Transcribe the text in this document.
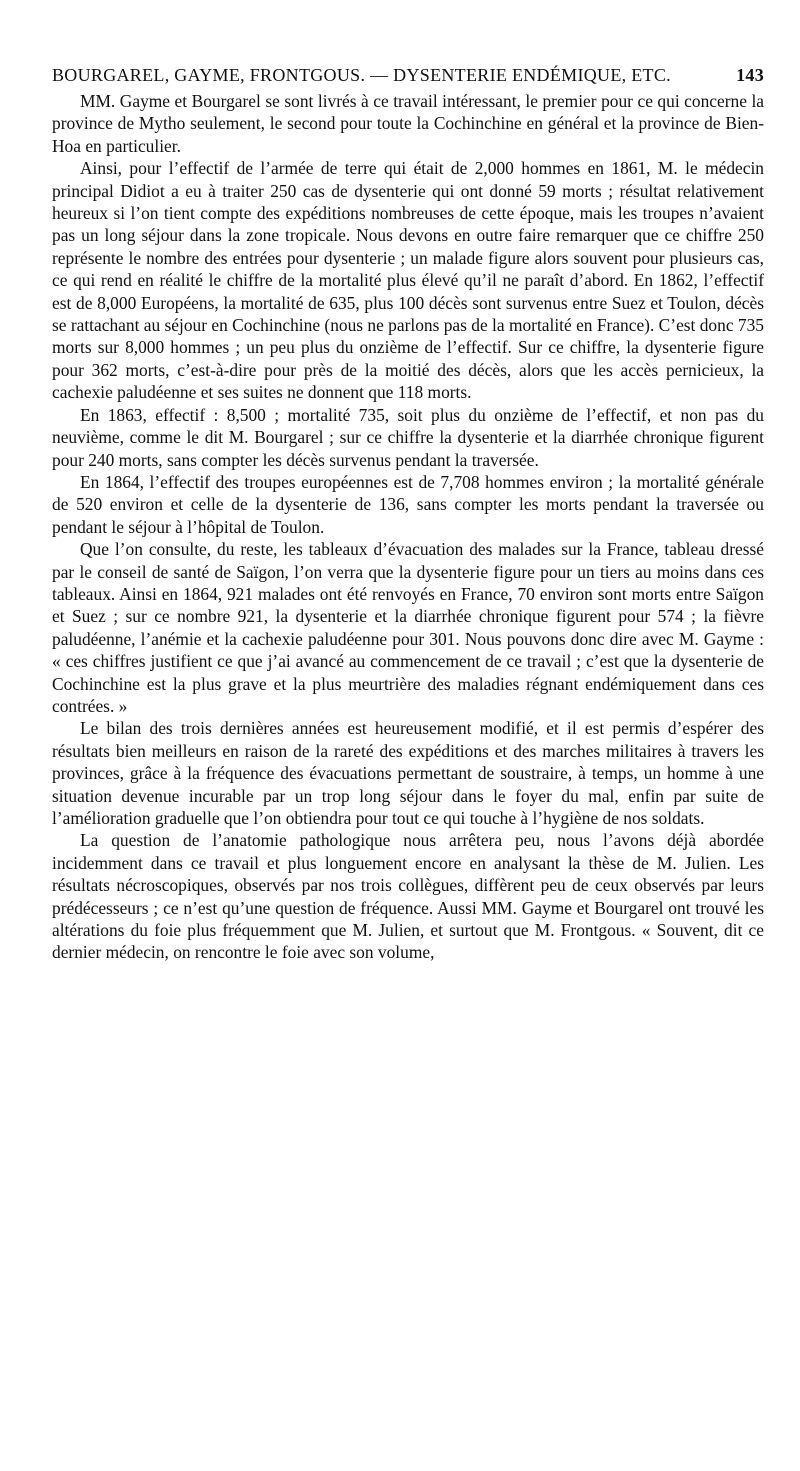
BOURGAREL, GAYME, FRONTGOUS. — DYSENTERIE ENDÉMIQUE, ETC.	143

MM. Gayme et Bourgarel se sont livrés à ce travail intéressant, le premier pour ce qui concerne la province de Mytho seulement, le second pour toute la Cochinchine en général et la province de Bien-Hoa en particulier.

Ainsi, pour l’effectif de l’armée de terre qui était de 2,000 hommes en 1861, M. le médecin principal Didiot a eu à traiter 250 cas de dysenterie qui ont donné 59 morts ; résultat relativement heureux si l’on tient compte des expéditions nombreuses de cette époque, mais les troupes n’avaient pas un long séjour dans la zone tropicale. Nous devons en outre faire remarquer que ce chiffre 250 représente le nombre des entrées pour dysenterie ; un malade figure alors souvent pour plusieurs cas, ce qui rend en réalité le chiffre de la mortalité plus élevé qu’il ne paraît d’abord. En 1862, l’effectif est de 8,000 Européens, la mortalité de 635, plus 100 décès sont survenus entre Suez et Toulon, décès se rattachant au séjour en Cochinchine (nous ne parlons pas de la mortalité en France). C’est donc 735 morts sur 8,000 hommes ; un peu plus du onzième de l’effectif. Sur ce chiffre, la dysenterie figure pour 362 morts, c’est-à-dire pour près de la moitié des décès, alors que les accès pernicieux, la cachexie paludéenne et ses suites ne donnent que 118 morts.

En 1863, effectif : 8,500 ; mortalité 735, soit plus du onzième de l’effectif, et non pas du neuvième, comme le dit M. Bourgarel ; sur ce chiffre la dysenterie et la diarrhée chronique figurent pour 240 morts, sans compter les décès survenus pendant la traversée.

En 1864, l’effectif des troupes européennes est de 7,708 hommes environ ; la mortalité générale de 520 environ et celle de la dysenterie de 136, sans compter les morts pendant la traversée ou pendant le séjour à l’hôpital de Toulon.

Que l’on consulte, du reste, les tableaux d’évacuation des malades sur la France, tableau dressé par le conseil de santé de Saïgon, l’on verra que la dysenterie figure pour un tiers au moins dans ces tableaux. Ainsi en 1864, 921 malades ont été renvoyés en France, 70 environ sont morts entre Saïgon et Suez ; sur ce nombre 921, la dysenterie et la diarrhée chronique figurent pour 574 ; la fièvre paludéenne, l’anémie et la cachexie paludéenne pour 301. Nous pouvons donc dire avec M. Gayme : « ces chiffres justifient ce que j’ai avancé au commencement de ce travail ; c’est que la dysenterie de Cochinchine est la plus grave et la plus meurtrière des maladies régnant endémiquement dans ces contrées. »

Le bilan des trois dernières années est heureusement modifié, et il est permis d’espérer des résultats bien meilleurs en raison de la rareté des expéditions et des marches militaires à travers les provinces, grâce à la fréquence des évacuations permettant de soustraire, à temps, un homme à une situation devenue incurable par un trop long séjour dans le foyer du mal, enfin par suite de l’amélioration graduelle que l’on obtiendra pour tout ce qui touche à l’hygiène de nos soldats.

La question de l’anatomie pathologique nous arrêtera peu, nous l’avons déjà abordée incidemment dans ce travail et plus longuement encore en analysant la thèse de M. Julien. Les résultats nécroscopiques, observés par nos trois collègues, diffèrent peu de ceux observés par leurs prédécesseurs ; ce n’est qu’une question de fréquence. Aussi MM. Gayme et Bourgarel ont trouvé les altérations du foie plus fréquemment que M. Julien, et surtout que M. Frontgous. « Souvent, dit ce dernier médecin, on rencontre le foie avec son volume,
